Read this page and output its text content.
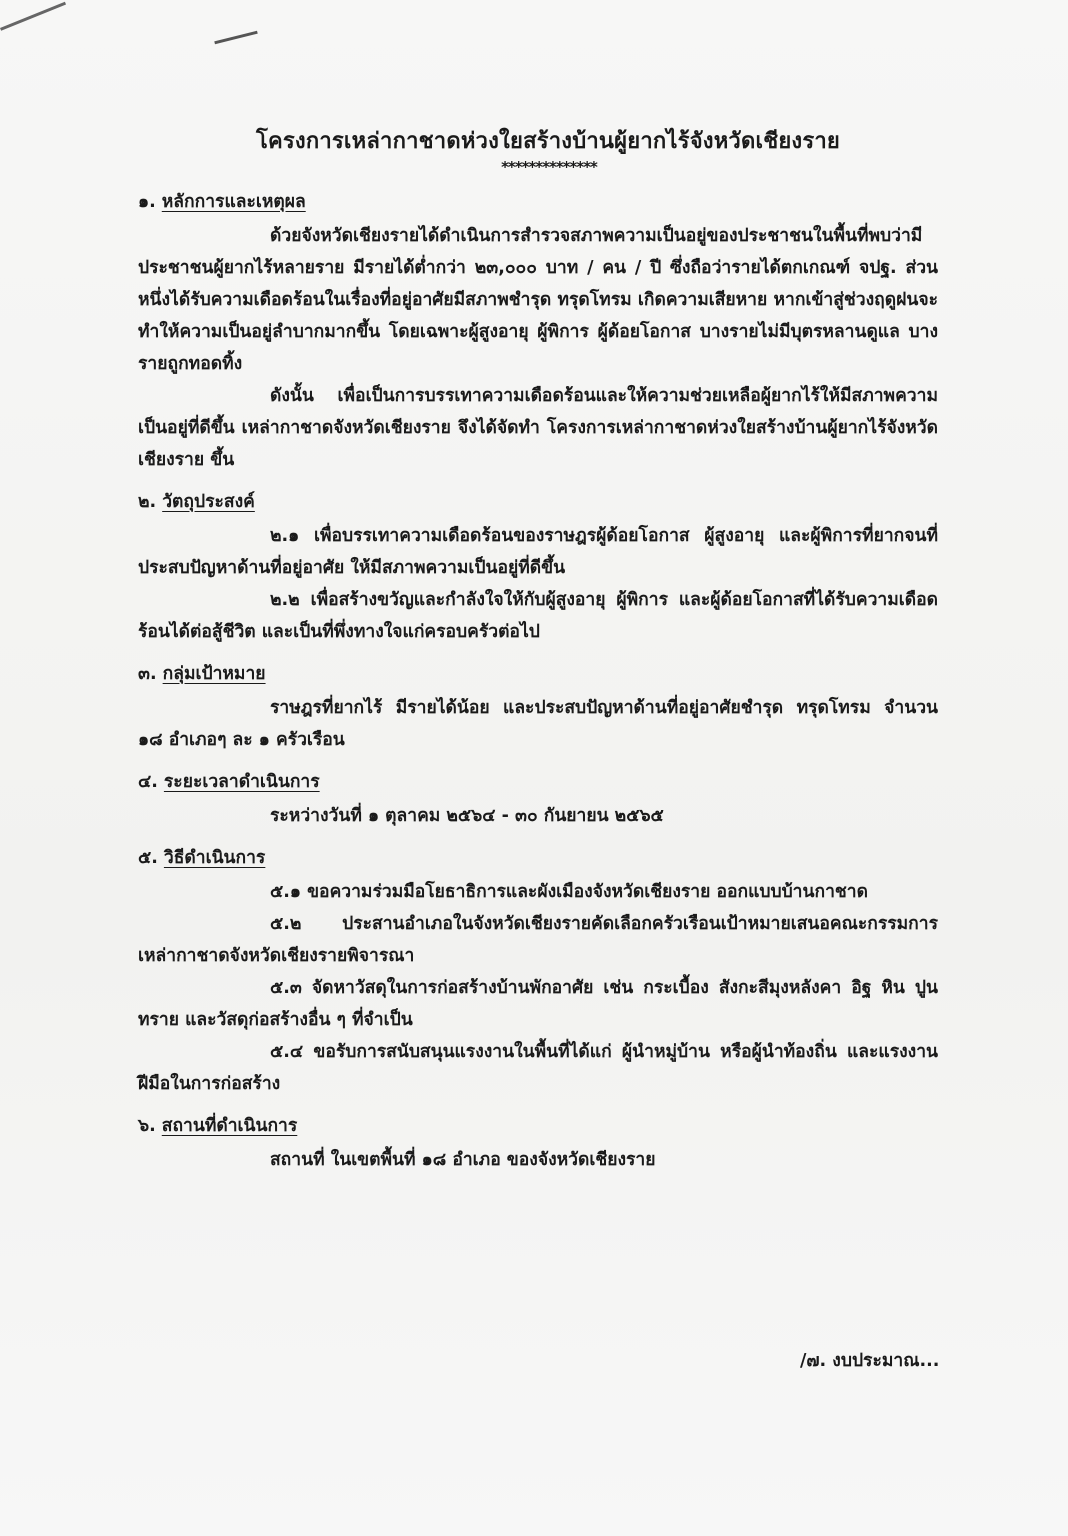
โครงการเหล่ากาชาดห่วงใยสร้างบ้านผู้ยากไร้จังหวัดเชียงราย
**************
๑. หลักการและเหตุผล

ด้วยจังหวัดเชียงรายได้ดำเนินการสำรวจสภาพความเป็นอยู่ของประชาชนในพื้นที่พบว่ามีประชาชนผู้ยากไร้หลายราย มีรายได้ต่ำกว่า ๒๓,๐๐๐ บาท / คน / ปี ซึ่งถือว่ารายได้ตกเกณฑ์ จปฐ. ส่วนหนึ่งได้รับความเดือดร้อนในเรื่องที่อยู่อาศัยมีสภาพชำรุด ทรุดโทรม เกิดความเสียหาย หากเข้าสู่ช่วงฤดูฝนจะทำให้ความเป็นอยู่ลำบากมากขึ้น โดยเฉพาะผู้สูงอายุ ผู้พิการ ผู้ด้อยโอกาส บางรายไม่มีบุตรหลานดูแล บางรายถูกทอดทิ้ง

ดังนั้น เพื่อเป็นการบรรเทาความเดือดร้อนและให้ความช่วยเหลือผู้ยากไร้ให้มีสภาพความเป็นอยู่ที่ดีขึ้น เหล่ากาชาดจังหวัดเชียงราย จึงได้จัดทำ โครงการเหล่ากาชาดห่วงใยสร้างบ้านผู้ยากไร้จังหวัดเชียงราย ขึ้น

๒. วัตถุประสงค์

๒.๑ เพื่อบรรเทาความเดือดร้อนของราษฎรผู้ด้อยโอกาส ผู้สูงอายุ และผู้พิการที่ยากจนที่ประสบปัญหาด้านที่อยู่อาศัย ให้มีสภาพความเป็นอยู่ที่ดีขึ้น

๒.๒ เพื่อสร้างขวัญและกำลังใจให้กับผู้สูงอายุ ผู้พิการ และผู้ด้อยโอกาสที่ได้รับความเดือดร้อนได้ต่อสู้ชีวิต และเป็นที่พึ่งทางใจแก่ครอบครัวต่อไป

๓. กลุ่มเป้าหมาย

ราษฎรที่ยากไร้ มีรายได้น้อย และประสบปัญหาด้านที่อยู่อาศัยชำรุด ทรุดโทรม จำนวน ๑๘ อำเภอๆ ละ ๑ ครัวเรือน

๔. ระยะเวลาดำเนินการ

ระหว่างวันที่ ๑ ตุลาคม ๒๕๖๔ - ๓๐ กันยายน ๒๕๖๕

๕. วิธีดำเนินการ

๕.๑ ขอความร่วมมือโยธาธิการและผังเมืองจังหวัดเชียงราย ออกแบบบ้านกาชาด

๕.๒ ประสานอำเภอในจังหวัดเชียงรายคัดเลือกครัวเรือนเป้าหมายเสนอคณะกรรมการเหล่ากาชาดจังหวัดเชียงรายพิจารณา

๕.๓ จัดหาวัสดุในการก่อสร้างบ้านพักอาศัย เช่น กระเบื้อง สังกะสีมุงหลังคา อิฐ หิน ปูน ทราย และวัสดุก่อสร้างอื่น ๆ ที่จำเป็น

๕.๔ ขอรับการสนับสนุนแรงงานในพื้นที่ได้แก่ ผู้นำหมู่บ้าน หรือผู้นำท้องถิ่น และแรงงานฝีมือในการก่อสร้าง

๖. สถานที่ดำเนินการ

สถานที่ ในเขตพื้นที่ ๑๘ อำเภอ ของจังหวัดเชียงราย

/๗. งบประมาณ...
